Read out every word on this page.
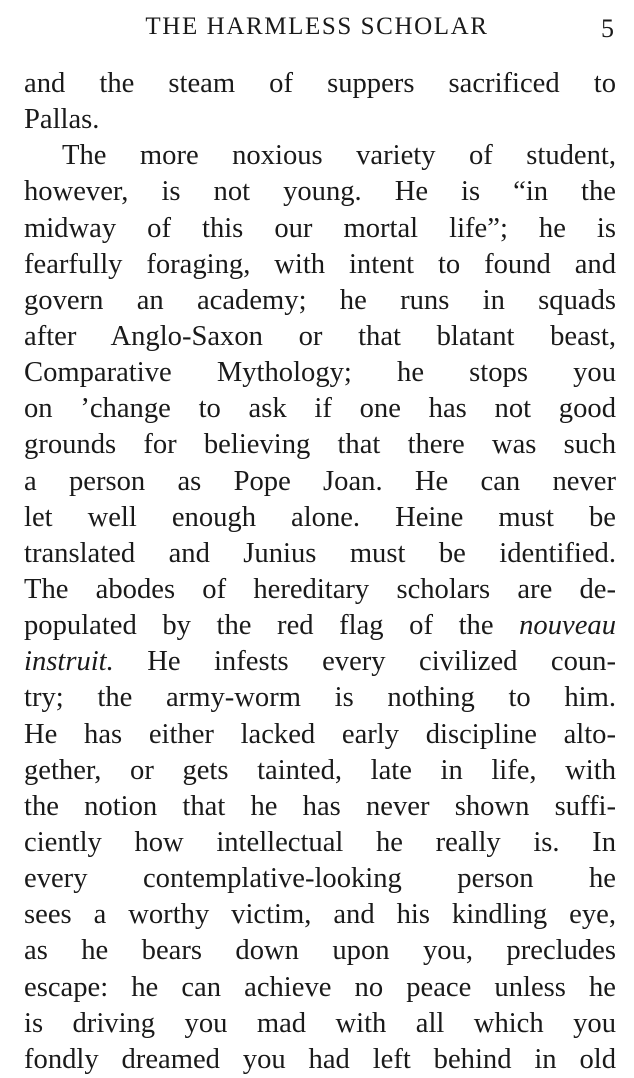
THE HARMLESS SCHOLAR	5
and the steam of suppers sacrificed to
Pallas.
The more noxious variety of student,
however, is not young. He is “in the
midway of this our mortal life”; he is
fearfully foraging, with intent to found and
govern an academy; he runs in squads
after Anglo-Saxon or that blatant beast,
Comparative Mythology; he stops you
on ’change to ask if one has not good
grounds for believing that there was such
a person as Pope Joan. He can never
let well enough alone. Heine must be
translated and Junius must be identified.
The abodes of hereditary scholars are de-
populated by the red flag of the nouveau
instruit. He infests every civilized coun-
try; the army-worm is nothing to him.
He has either lacked early discipline alto-
gether, or gets tainted, late in life, with
the notion that he has never shown suffi-
ciently how intellectual he really is. In
every contemplative-looking person he
sees a worthy victim, and his kindling eye,
as he bears down upon you, precludes
escape: he can achieve no peace unless he
is driving you mad with all which you
fondly dreamed you had left behind in old
